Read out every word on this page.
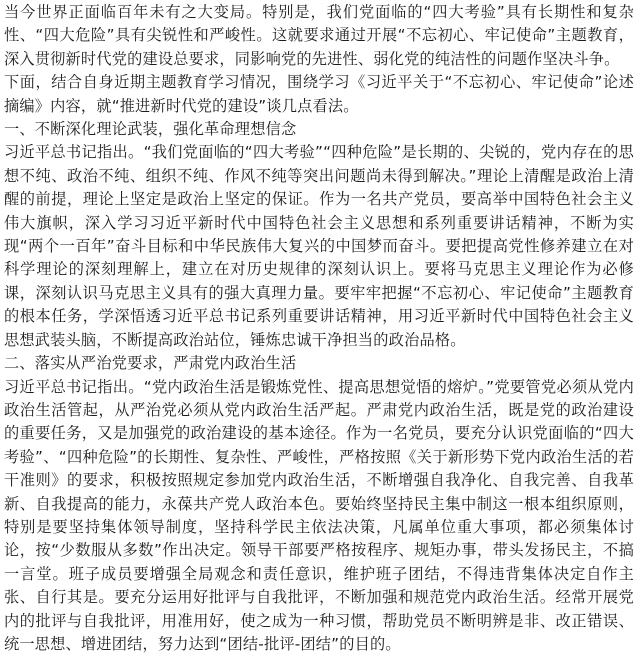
当今世界正面临百年未有之大变局。特别是，我们党面临的“四大考验”具有长期性和复杂性、“四大危险”具有尖锐性和严峻性。这就要求通过开展“不忘初心、牢记使命”主题教育，深入贯彻新时代党的建设总要求，同影响党的先进性、弱化党的纯洁性的问题作坚决斗争。

下面，结合自身近期主题教育学习情况，围绕学习《习近平关于“不忘初心、牢记使命”论述摘编》内容，就“推进新时代党的建设”谈几点看法。

一、不断深化理论武装，强化革命理想信念

习近平总书记指出。“我们党面临的“四大考验”“四种危险”是长期的、尖锐的，党内存在的思想不纯、政治不纯、组织不纯、作风不纯等突出问题尚未得到解决。”理论上清醒是政治上清醒的前提，理论上坚定是政治上坚定的保证。作为一名共产党员，要高举中国特色社会主义伟大旗帜，深入学习习近平新时代中国特色社会主义思想和系列重要讲话精神，不断为实现“两个一百年”奋斗目标和中华民族伟大复兴的中国梦而奋斗。要把提高党性修养建立在对科学理论的深刻理解上，建立在对历史规律的深刻认识上。要将马克思主义理论作为必修课，深刻认识马克思主义具有的强大真理力量。要牢牢把握“不忘初心、牢记使命”主题教育的根本任务，学深悟透习近平总书记系列重要讲话精神，用习近平新时代中国特色社会主义思想武装头脑，不断提高政治站位，锤炼忠诚干净担当的政治品格。

二、落实从严治党要求，严肃党内政治生活

习近平总书记指出。“党内政治生活是锻炼党性、提高思想觉悟的熔炉。”党要管党必须从党内政治生活管起，从严治党必须从党内政治生活严起。严肃党内政治生活，既是党的政治建设的重要任务，又是加强党的政治建设的基本途径。作为一名党员，要充分认识党面临的“四大考验”、“四种危险”的长期性、复杂性、严峻性，严格按照《关于新形势下党内政治生活的若干准则》的要求，积极按照规定参加党内政治生活，不断增强自我净化、自我完善、自我革新、自我提高的能力，永葆共产党人政治本色。要始终坚持民主集中制这一根本组织原则，特别是要坚持集体领导制度，坚持科学民主依法决策，凡属单位重大事项，都必须集体讨论，按“少数服从多数”作出决定。领导干部要严格按程序、规矩办事，带头发扬民主，不搞一言堂。班子成员要增强全局观念和责任意识，维护班子团结，不得违背集体决定自作主张、自行其是。要充分运用好批评与自我批评，不断加强和规范党内政治生活。经常开展党内的批评与自我批评，用准用好，使之成为一种习惯，帮助党员不断明辨是非、改正错误、统一思想、增进团结，努力达到“团结-批评-团结”的目的。
